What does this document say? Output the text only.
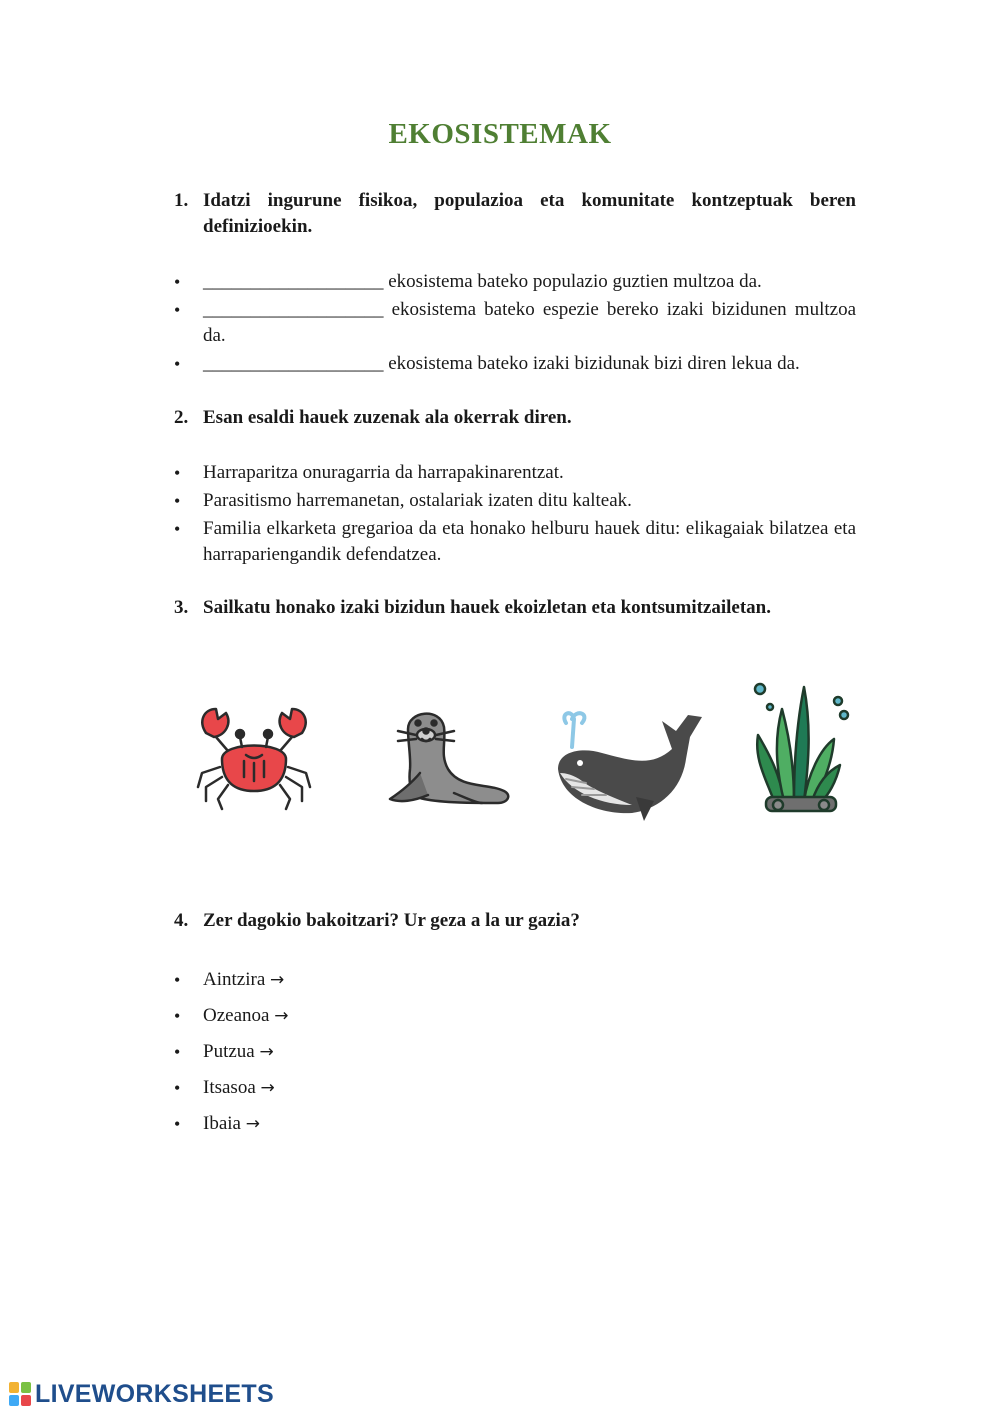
EKOSISTEMAK
1. Idatzi ingurune fisikoa, populazioa eta komunitate kontzeptuak beren definizioekin.
• ___________________ ekosistema bateko populazio guztien multzoa da.
• ___________________ ekosistema bateko espezie bereko izaki bizidunen multzoa da.
• ___________________ ekosistema bateko izaki bizidunak bizi diren lekua da.
2. Esan esaldi hauek zuzenak ala okerrak diren.
• Harraparitza onuragarria da harrapakinarentzat.
• Parasitismo harremanetan, ostalariak izaten ditu kalteak.
• Familia elkarketa gregarioa da eta honako helburu hauek ditu: elikagaiak bilatzea eta harrapariengandik defendatzea.
3. Sailkatu honako izaki bizidun hauek ekoizletan eta kontsumitzailetan.
4. Zer dagokio bakoitzari? Ur geza a la ur gazia?
• Aintzira →
• Ozeanoa →
• Putzua →
• Itsasoa →
• Ibaia →
LIVEWORKSHEETS
